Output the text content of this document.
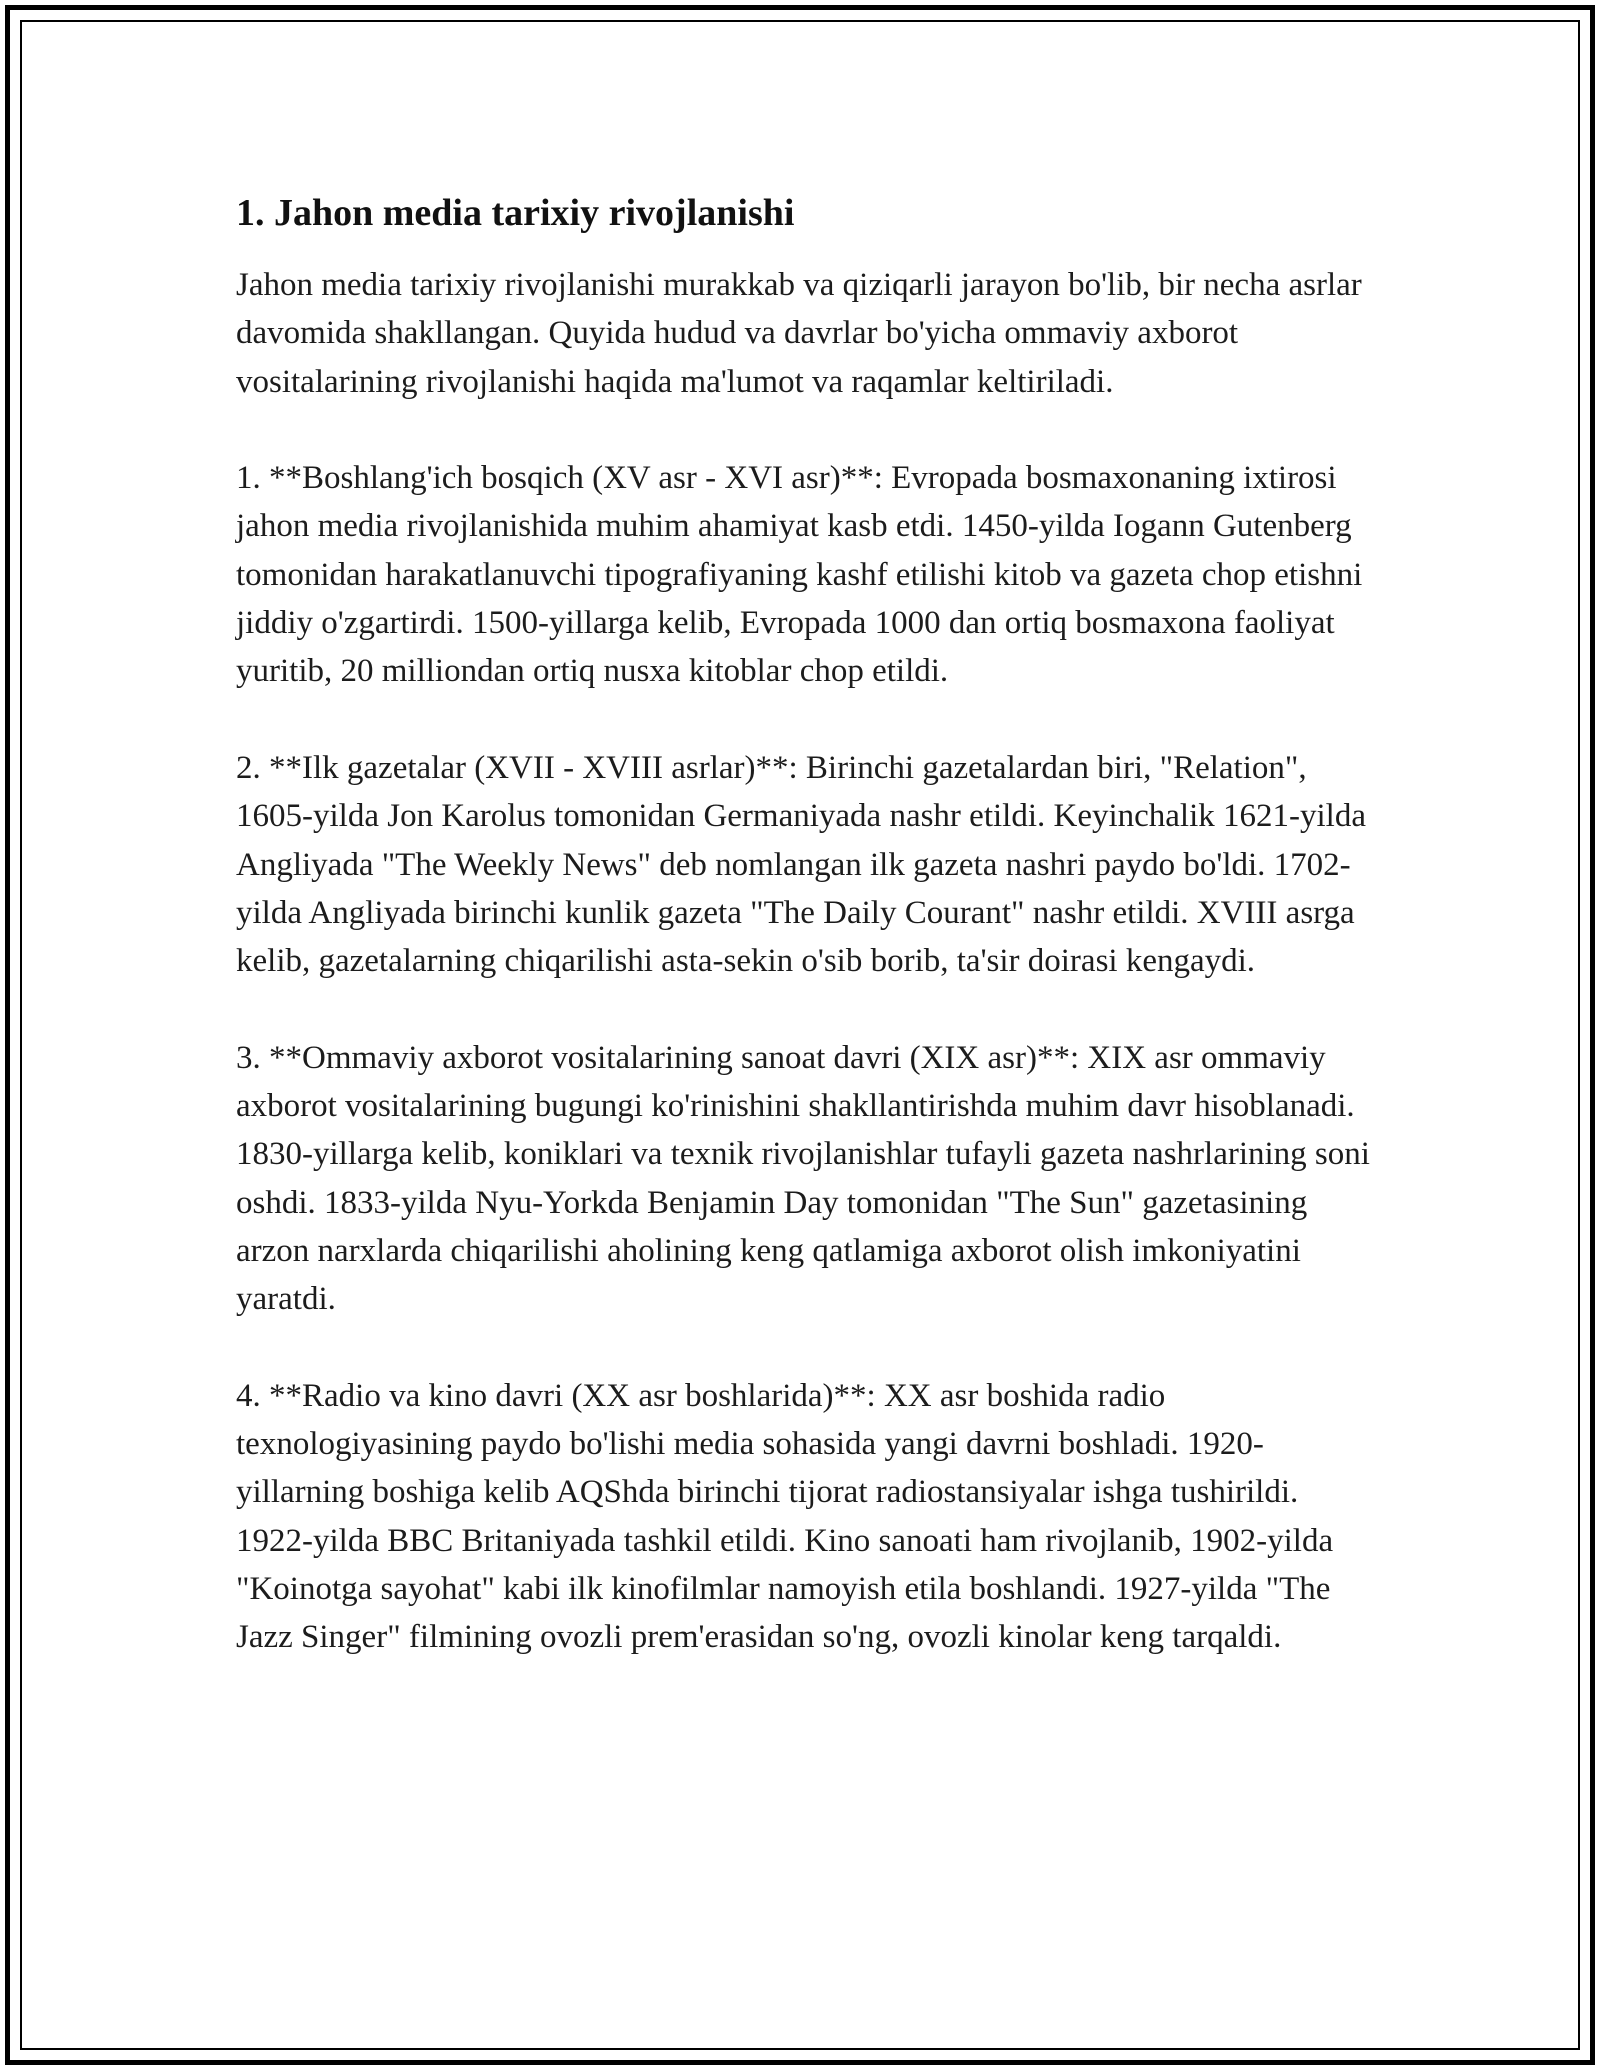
1. Jahon media tarixiy rivojlanishi

Jahon media tarixiy rivojlanishi murakkab va qiziqarli jarayon bo'lib, bir necha asrlar davomida shakllangan. Quyida hudud va davrlar bo'yicha ommaviy axborot vositalarining rivojlanishi haqida ma'lumot va raqamlar keltiriladi.

1. **Boshlang'ich bosqich (XV asr - XVI asr)**: Evropada bosmaxonaning ixtirosi jahon media rivojlanishida muhim ahamiyat kasb etdi. 1450-yilda Iogann Gutenberg tomonidan harakatlanuvchi tipografiyaning kashf etilishi kitob va gazeta chop etishni jiddiy o'zgartirdi. 1500-yillarga kelib, Evropada 1000 dan ortiq bosmaxona faoliyat yuritib, 20 milliondan ortiq nusxa kitoblar chop etildi.

2. **Ilk gazetalar (XVII - XVIII asrlar)**: Birinchi gazetalardan biri, "Relation", 1605-yilda Jon Karolus tomonidan Germaniyada nashr etildi. Keyinchalik 1621-yilda Angliyada "The Weekly News" deb nomlangan ilk gazeta nashri paydo bo'ldi. 1702-yilda Angliyada birinchi kunlik gazeta "The Daily Courant" nashr etildi. XVIII asrga kelib, gazetalarning chiqarilishi asta-sekin o'sib borib, ta'sir doirasi kengaydi.

3. **Ommaviy axborot vositalarining sanoat davri (XIX asr)**: XIX asr ommaviy axborot vositalarining bugungi ko'rinishini shakllantirishda muhim davr hisoblanadi. 1830-yillarga kelib, koniklari va texnik rivojlanishlar tufayli gazeta nashrlarining soni oshdi. 1833-yilda Nyu-Yorkda Benjamin Day tomonidan "The Sun" gazetasining arzon narxlarda chiqarilishi aholining keng qatlamiga axborot olish imkoniyatini yaratdi.

4. **Radio va kino davri (XX asr boshlarida)**: XX asr boshida radio texnologiyasining paydo bo'lishi media sohasida yangi davrni boshladi. 1920-yillarning boshiga kelib AQShda birinchi tijorat radiostansiyalar ishga tushirildi. 1922-yilda BBC Britaniyada tashkil etildi. Kino sanoati ham rivojlanib, 1902-yilda "Koinotga sayohat" kabi ilk kinofilmlar namoyish etila boshlandi. 1927-yilda "The Jazz Singer" filmining ovozli prem'erasidan so'ng, ovozli kinolar keng tarqaldi.
